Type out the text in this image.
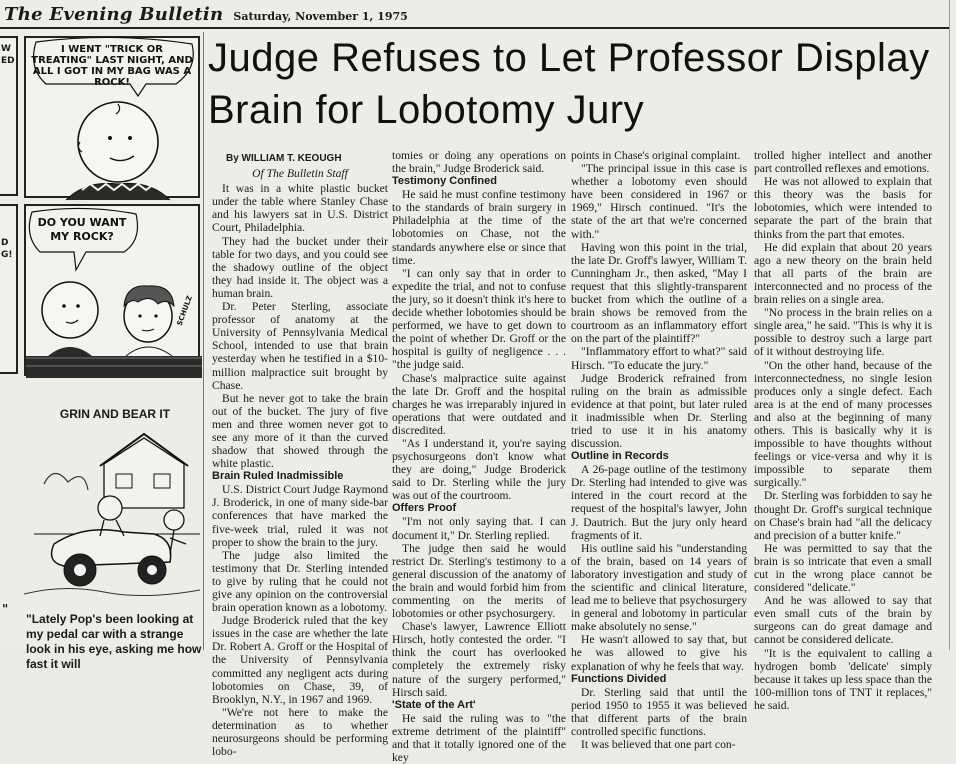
The Evening Bulletin Saturday, November 1, 1975
W
ED
D
G!
"
I WENT "TRICK OR TREATING" LAST NIGHT, AND ALL I GOT IN MY BAG WAS A ROCK!
DO YOU WANT MY ROCK?
SCHULZ
GRIN AND BEAR IT
"Lately Pop's been looking at my pedal car with a strange look in his eye, asking me how fast it will
Judge Refuses to Let Professor Display Brain for Lobotomy Jury
By WILLIAM T. KEOUGH
Of The Bulletin Staff

It was in a white plastic bucket under the table where Stanley Chase and his lawyers sat in U.S. District Court, Philadelphia.

They had the bucket under their table for two days, and you could see the shadowy outline of the object they had inside it. The object was a human brain.

Dr. Peter Sterling, associate professor of anatomy at the University of Pennsylvania Medical School, intended to use that brain yesterday when he testified in a $10-million malpractice suit brought by Chase.

But he never got to take the brain out of the bucket. The jury of five men and three women never got to see any more of it than the curved shadow that showed through the white plastic.

Brain Ruled Inadmissible

U.S. District Court Judge Raymond J. Broderick, in one of many side-bar conferences that have marked the five-week trial, ruled it was not proper to show the brain to the jury.

The judge also limited the testimony that Dr. Sterling intended to give by ruling that he could not give any opinion on the controversial brain operation known as a lobotomy.

Judge Broderick ruled that the key issues in the case are whether the late Dr. Robert A. Groff or the Hospital of the University of Pennsylvania committed any negligent acts during lobotomies on Chase, 39, of Brooklyn, N.Y., in 1967 and 1969.

"We're not here to make the determination as to whether neurosurgeons should be performing lobo-

tomies or doing any operations on the brain," Judge Broderick said.

Testimony Confined

He said he must confine testimony to the standards of brain surgery in Philadelphia at the time of the lobotomies on Chase, not the standards anywhere else or since that time.

"I can only say that in order to expedite the trial, and not to confuse the jury, so it doesn't think it's here to decide whether lobotomies should be performed, we have to get down to the point of whether Dr. Groff or the hospital is guilty of negligence . . . "the judge said.

Chase's malpractice suite against the late Dr. Groff and the hospital charges he was irreparably injured in operations that were outdated and discredited.

"As I understand it, you're saying psychosurgeons don't know what they are doing," Judge Broderick said to Dr. Sterling while the jury was out of the courtroom.

Offers Proof

"I'm not only saying that. I can document it," Dr. Sterling replied.

The judge then said he would restrict Dr. Sterling's testimony to a general discussion of the anatomy of the brain and would forbid him from commenting on the merits of lobotomies or other psychosurgery.

Chase's lawyer, Lawrence Elliott Hirsch, hotly contested the order. "I think the court has overlooked completely the extremely risky nature of the surgery performed," Hirsch said.

'State of the Art'

He said the ruling was to "the extreme detriment of the plaintiff" and that it totally ignored one of the key

points in Chase's original complaint.

"The principal issue in this case is whether a lobotomy even should have been considered in 1967 or 1969," Hirsch continued. "It's the state of the art that we're concerned with."

Having won this point in the trial, the late Dr. Groff's lawyer, William T. Cunningham Jr., then asked, "May I request that this slightly-transparent bucket from which the outline of a brain shows be removed from the courtroom as an inflammatory effort on the part of the plaintiff?"

"Inflammatory effort to what?" said Hirsch. "To educate the jury."

Judge Broderick refrained from ruling on the brain as admissible evidence at that point, but later ruled it inadmissible when Dr. Sterling tried to use it in his anatomy discussion.

Outline in Records

A 26-page outline of the testimony Dr. Sterling had intended to give was intered in the court record at the request of the hospital's lawyer, John J. Dautrich. But the jury only heard fragments of it.

His outline said his "understanding of the brain, based on 14 years of laboratory investigation and study of the scientific and clinical literature, lead me to believe that psychosurgery in general and lobotomy in particular make absolutely no sense."

He wasn't allowed to say that, but he was allowed to give his explanation of why he feels that way.

Functions Divided

Dr. Sterling said that until the period 1950 to 1955 it was believed that different parts of the brain controlled specific functions.

It was believed that one part con-

trolled higher intellect and another part controlled reflexes and emotions.

He was not allowed to explain that this theory was the basis for lobotomies, which were intended to separate the part of the brain that thinks from the part that emotes.

He did explain that about 20 years ago a new theory on the brain held that all parts of the brain are interconnected and no process of the brain relies on a single area.

"No process in the brain relies on a single area," he said. "This is why it is possible to destroy such a large part of it without destroying life.

"On the other hand, because of the interconnectedness, no single lesion produces only a single defect. Each area is at the end of many processes and also at the beginning of many others. This is basically why it is impossible to have thoughts without feelings or vice-versa and why it is impossible to separate them surgically."

Dr. Sterling was forbidden to say he thought Dr. Groff's surgical technique on Chase's brain had "all the delicacy and precision of a butter knife."

He was permitted to say that the brain is so intricate that even a small cut in the wrong place cannot be considered "delicate."

And he was allowed to say that even small cuts of the brain by surgeons can do great damage and cannot be considered delicate.

"It is the equivalent to calling a hydrogen bomb 'delicate' simply because it takes up less space than the 100-million tons of TNT it replaces," he said.
